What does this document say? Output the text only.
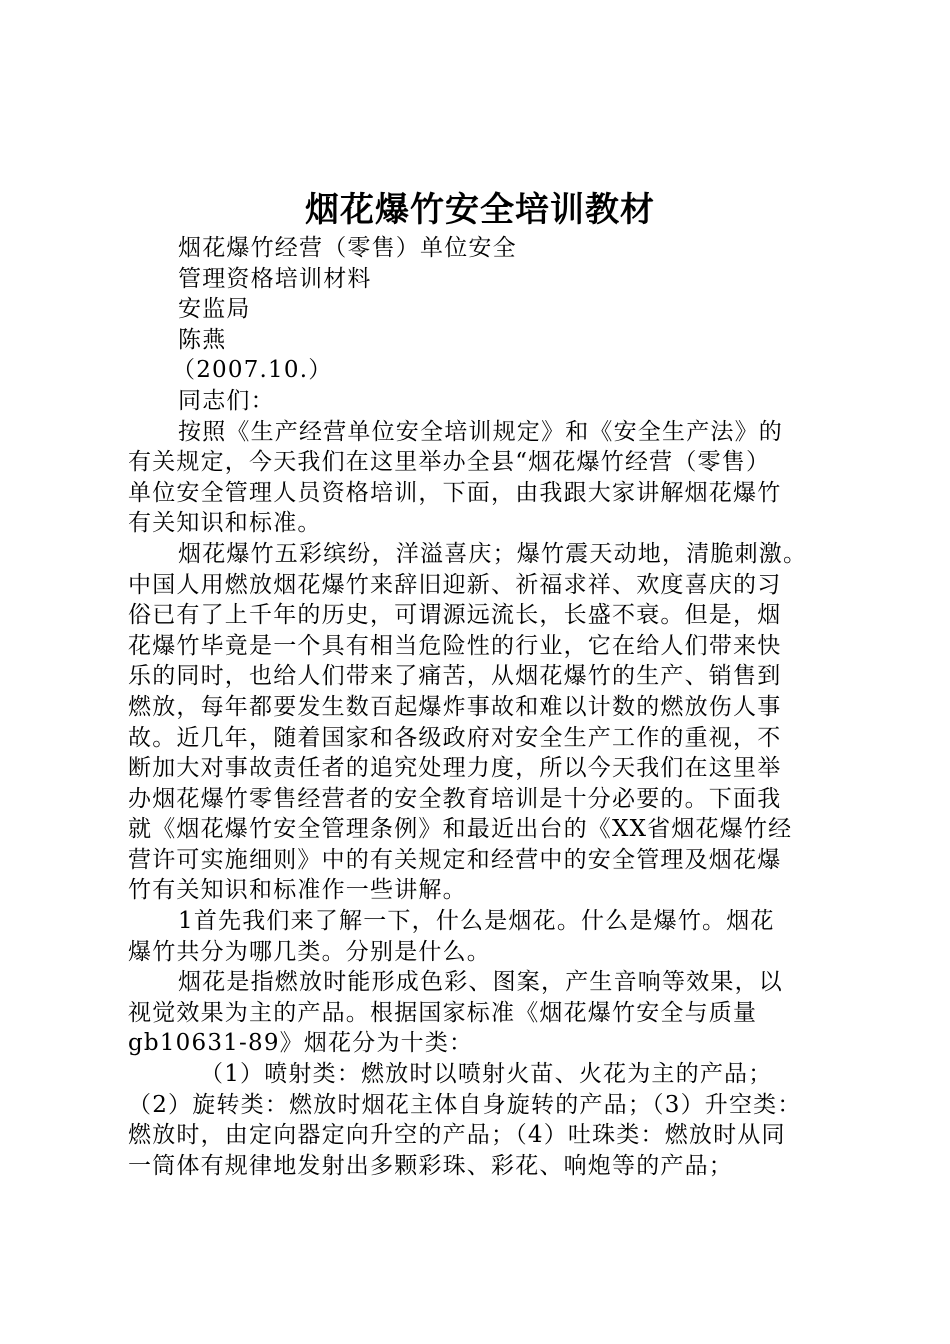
烟花爆竹安全培训教材
烟花爆竹经营（零售）单位安全
管理资格培训材料
安监局
陈燕
（2007.10.）
同志们：
按照《生产经营单位安全培训规定》和《安全生产法》的
有关规定，今天我们在这里举办全县“烟花爆竹经营（零售）
单位安全管理人员资格培训，下面，由我跟大家讲解烟花爆竹
有关知识和标准。
烟花爆竹五彩缤纷，洋溢喜庆；爆竹震天动地，清脆刺激。
中国人用燃放烟花爆竹来辞旧迎新、祈福求祥、欢度喜庆的习
俗已有了上千年的历史，可谓源远流长，长盛不衰。但是，烟
花爆竹毕竟是一个具有相当危险性的行业，它在给人们带来快
乐的同时，也给人们带来了痛苦，从烟花爆竹的生产、销售到
燃放，每年都要发生数百起爆炸事故和难以计数的燃放伤人事
故。近几年，随着国家和各级政府对安全生产工作的重视，不
断加大对事故责任者的追究处理力度，所以今天我们在这里举
办烟花爆竹零售经营者的安全教育培训是十分必要的。下面我
就《烟花爆竹安全管理条例》和最近出台的《XX省烟花爆竹经
营许可实施细则》中的有关规定和经营中的安全管理及烟花爆
竹有关知识和标准作一些讲解。
1首先我们来了解一下，什么是烟花。什么是爆竹。烟花
爆竹共分为哪几类。分别是什么。
烟花是指燃放时能形成色彩、图案，产生音响等效果，以
视觉效果为主的产品。根据国家标准《烟花爆竹安全与质量
gb10631-89》烟花分为十类：
（1）喷射类：燃放时以喷射火苗、火花为主的产品；
（2）旋转类：燃放时烟花主体自身旋转的产品；（3）升空类：
燃放时，由定向器定向升空的产品；（4）吐珠类：燃放时从同
一筒体有规律地发射出多颗彩珠、彩花、响炮等的产品；
